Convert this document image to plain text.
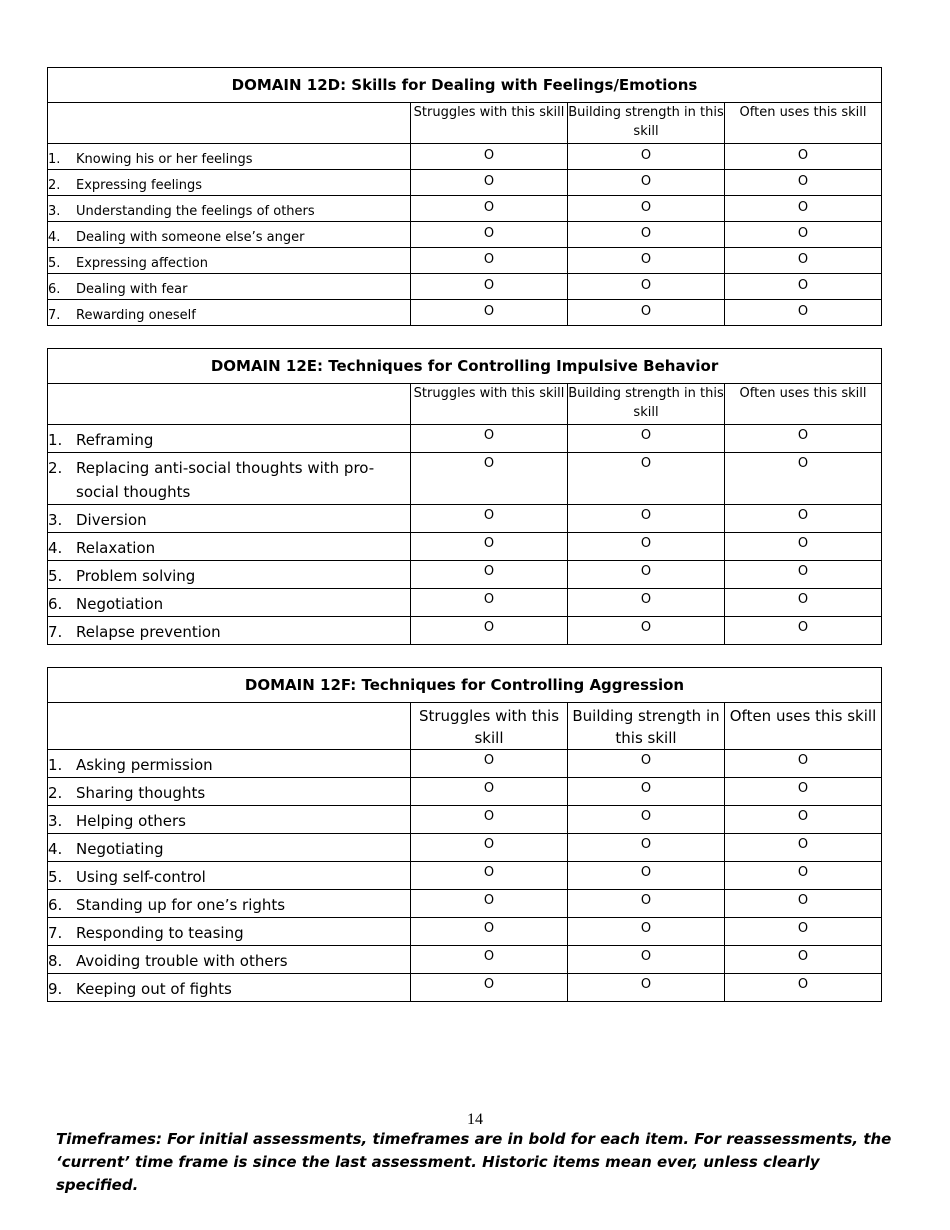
DOMAIN 12D: Skills for Dealing with Feelings/Emotions			
	Struggles with this skill	Building strength in this skill	Often uses this skill
1. Knowing his or her feelings	O	O	O
2. Expressing feelings	O	O	O
3. Understanding the feelings of others	O	O	O
4. Dealing with someone else’s anger	O	O	O
5. Expressing affection	O	O	O
6. Dealing with fear	O	O	O
7. Rewarding oneself	O	O	O
DOMAIN 12E: Techniques for Controlling Impulsive Behavior			
	Struggles with this skill	Building strength in this skill	Often uses this skill
1. Reframing	O	O	O
2. Replacing anti-social thoughts with pro-social thoughts	O	O	O
3. Diversion	O	O	O
4. Relaxation	O	O	O
5. Problem solving	O	O	O
6. Negotiation	O	O	O
7. Relapse prevention	O	O	O
DOMAIN 12F: Techniques for Controlling Aggression			
	Struggles with this skill	Building strength in this skill	Often uses this skill
1. Asking permission	O	O	O
2. Sharing thoughts	O	O	O
3. Helping others	O	O	O
4. Negotiating	O	O	O
5. Using self-control	O	O	O
6. Standing up for one’s rights	O	O	O
7. Responding to teasing	O	O	O
8. Avoiding trouble with others	O	O	O
9. Keeping out of fights	O	O	O
14
Timeframes: For initial assessments, timeframes are in bold for each item. For reassessments, the ‘current’ time frame is since the last assessment. Historic items mean ever, unless clearly specified.
